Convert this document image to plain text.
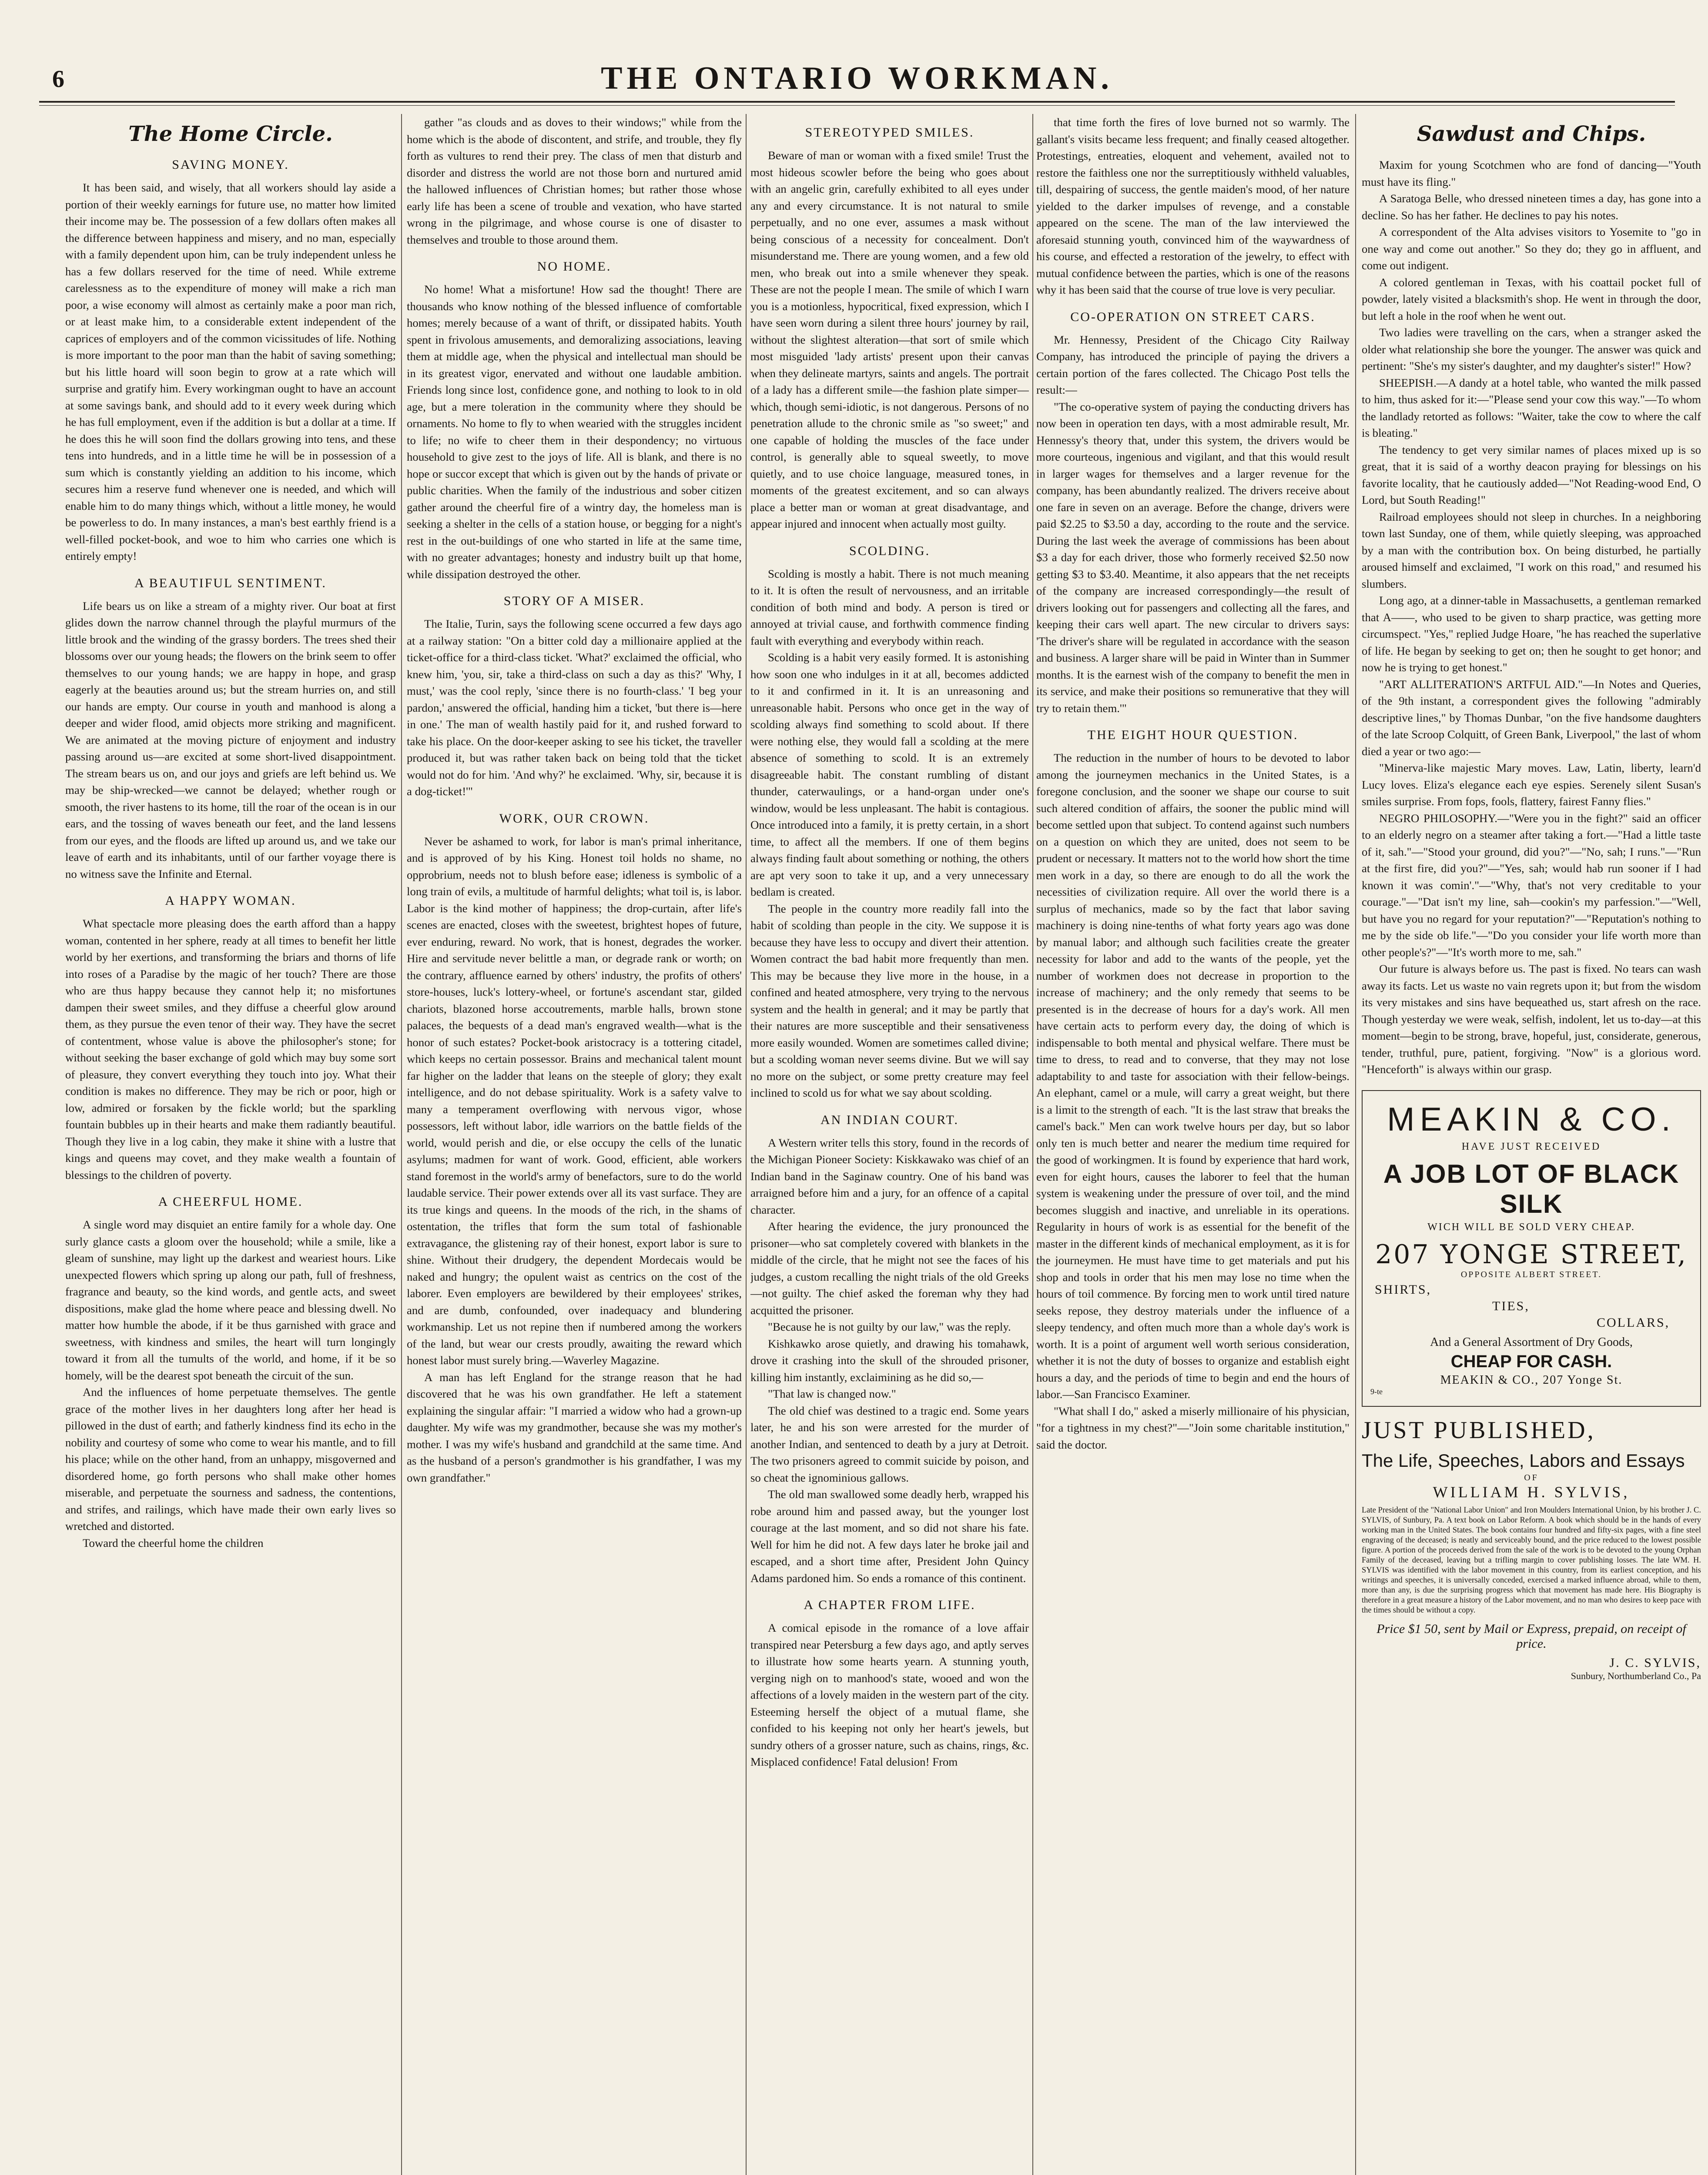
6	THE ONTARIO WORKMAN.
The Home Circle.
SAVING MONEY.

It has been said, and wisely, that all workers should lay aside a portion of their weekly earnings for future use, no matter how limited their income may be. The possession of a few dollars often makes all the difference between happiness and misery, and no man, especially with a family dependent upon him, can be truly independent unless he has a few dollars reserved for the time of need. While extreme carelessness as to the expenditure of money will make a rich man poor, a wise economy will almost as certainly make a poor man rich, or at least make him, to a considerable extent independent of the caprices of employers and of the common vicissitudes of life. Nothing is more important to the poor man than the habit of saving something; but his little hoard will soon begin to grow at a rate which will surprise and gratify him. Every workingman ought to have an account at some savings bank, and should add to it every week during which he has full employment, even if the addition is but a dollar at a time. If he does this he will soon find the dollars growing into tens, and these tens into hundreds, and in a little time he will be in possession of a sum which is constantly yielding an addition to his income, which secures him a reserve fund whenever one is needed, and which will enable him to do many things which, without a little money, he would be powerless to do. In many instances, a man's best earthly friend is a well-filled pocket-book, and woe to him who carries one which is entirely empty!

A BEAUTIFUL SENTIMENT.

Life bears us on like a stream of a mighty river. Our boat at first glides down the narrow channel through the playful murmurs of the little brook and the winding of the grassy borders. The trees shed their blossoms over our young heads; the flowers on the brink seem to offer themselves to our young hands; we are happy in hope, and grasp eagerly at the beauties around us; but the stream hurries on, and still our hands are empty. Our course in youth and manhood is along a deeper and wider flood, amid objects more striking and magnificent. We are animated at the moving picture of enjoyment and industry passing around us—are excited at some short-lived disappointment. The stream bears us on, and our joys and griefs are left behind us. We may be ship-wrecked—we cannot be delayed; whether rough or smooth, the river hastens to its home, till the roar of the ocean is in our ears, and the tossing of waves beneath our feet, and the land lessens from our eyes, and the floods are lifted up around us, and we take our leave of earth and its inhabitants, until of our farther voyage there is no witness save the Infinite and Eternal.

A HAPPY WOMAN.

What spectacle more pleasing does the earth afford than a happy woman, contented in her sphere, ready at all times to benefit her little world by her exertions, and transforming the briars and thorns of life into roses of a Paradise by the magic of her touch? There are those who are thus happy because they cannot help it; no misfortunes dampen their sweet smiles, and they diffuse a cheerful glow around them, as they pursue the even tenor of their way. They have the secret of contentment, whose value is above the philosopher's stone; for without seeking the baser exchange of gold which may buy some sort of pleasure, they convert everything they touch into joy. What their condition is makes no difference. They may be rich or poor, high or low, admired or forsaken by the fickle world; but the sparkling fountain bubbles up in their hearts and make them radiantly beautiful. Though they live in a log cabin, they make it shine with a lustre that kings and queens may covet, and they make wealth a fountain of blessings to the children of poverty.

A CHEERFUL HOME.

A single word may disquiet an entire family for a whole day. One surly glance casts a gloom over the household; while a smile, like a gleam of sunshine, may light up the darkest and weariest hours. Like unexpected flowers which spring up along our path, full of freshness, fragrance and beauty, so the kind words, and gentle acts, and sweet dispositions, make glad the home where peace and blessing dwell. No matter how humble the abode, if it be thus garnished with grace and sweetness, with kindness and smiles, the heart will turn longingly toward it from all the tumults of the world, and home, if it be so homely, will be the dearest spot beneath the circuit of the sun.

And the influences of home perpetuate themselves. The gentle grace of the mother lives in her daughters long after her head is pillowed in the dust of earth; and fatherly kindness find its echo in the nobility and courtesy of some who come to wear his mantle, and to fill his place; while on the other hand, from an unhappy, misgoverned and disordered home, go forth persons who shall make other homes miserable, and perpetuate the sourness and sadness, the contentions, and strifes, and railings, which have made their own early lives so wretched and distorted.

Toward the cheerful home the children

gather "as clouds and as doves to their windows;" while from the home which is the abode of discontent, and strife, and trouble, they fly forth as vultures to rend their prey. The class of men that disturb and disorder and distress the world are not those born and nurtured amid the hallowed influences of Christian homes; but rather those whose early life has been a scene of trouble and vexation, who have started wrong in the pilgrimage, and whose course is one of disaster to themselves and trouble to those around them.

NO HOME.

No home! What a misfortune! How sad the thought! There are thousands who know nothing of the blessed influence of comfortable homes; merely because of a want of thrift, or dissipated habits. Youth spent in frivolous amusements, and demoralizing associations, leaving them at middle age, when the physical and intellectual man should be in its greatest vigor, enervated and without one laudable ambition. Friends long since lost, confidence gone, and nothing to look to in old age, but a mere toleration in the community where they should be ornaments. No home to fly to when wearied with the struggles incident to life; no wife to cheer them in their despondency; no virtuous household to give zest to the joys of life. All is blank, and there is no hope or succor except that which is given out by the hands of private or public charities. When the family of the industrious and sober citizen gather around the cheerful fire of a wintry day, the homeless man is seeking a shelter in the cells of a station house, or begging for a night's rest in the out-buildings of one who started in life at the same time, with no greater advantages; honesty and industry built up that home, while dissipation destroyed the other.

STORY OF A MISER.

The Italie, Turin, says the following scene occurred a few days ago at a railway station: "On a bitter cold day a millionaire applied at the ticket-office for a third-class ticket. 'What?' exclaimed the official, who knew him, 'you, sir, take a third-class on such a day as this?' 'Why, I must,' was the cool reply, 'since there is no fourth-class.' 'I beg your pardon,' answered the official, handing him a ticket, 'but there is—here in one.' The man of wealth hastily paid for it, and rushed forward to take his place. On the door-keeper asking to see his ticket, the traveller produced it, but was rather taken back on being told that the ticket would not do for him. 'And why?' he exclaimed. 'Why, sir, because it is a dog-ticket!'"

WORK, OUR CROWN.

Never be ashamed to work, for labor is man's primal inheritance, and is approved of by his King. Honest toil holds no shame, no opprobrium, needs not to blush before ease; idleness is symbolic of a long train of evils, a multitude of harmful delights; what toil is, is labor. Labor is the kind mother of happiness; the drop-curtain, after life's scenes are enacted, closes with the sweetest, brightest hopes of future, ever enduring, reward. No work, that is honest, degrades the worker. Hire and servitude never belittle a man, or degrade rank or worth; on the contrary, affluence earned by others' industry, the profits of others' store-houses, luck's lottery-wheel, or fortune's ascendant star, gilded chariots, blazoned horse accoutrements, marble halls, brown stone palaces, the bequests of a dead man's engraved wealth—what is the honor of such estates? Pocket-book aristocracy is a tottering citadel, which keeps no certain possessor. Brains and mechanical talent mount far higher on the ladder that leans on the steeple of glory; they exalt intelligence, and do not debase spirituality. Work is a safety valve to many a temperament overflowing with nervous vigor, whose possessors, left without labor, idle warriors on the battle fields of the world, would perish and die, or else occupy the cells of the lunatic asylums; madmen for want of work. Good, efficient, able workers stand foremost in the world's army of benefactors, sure to do the world laudable service. Their power extends over all its vast surface. They are its true kings and queens. In the moods of the rich, in the shams of ostentation, the trifles that form the sum total of fashionable extravagance, the glistening ray of their honest, export labor is sure to shine. Without their drudgery, the dependent Mordecais would be naked and hungry; the opulent waist as centrics on the cost of the laborer. Even employers are bewildered by their employees' strikes, and are dumb, confounded, over inadequacy and blundering workmanship. Let us not repine then if numbered among the workers of the land, but wear our crests proudly, awaiting the reward which honest labor must surely bring.—Waverley Magazine.

A man has left England for the strange reason that he had discovered that he was his own grandfather. He left a statement explaining the singular affair: "I married a widow who had a grown-up daughter. My wife was my grandmother, because she was my mother's mother. I was my wife's husband and grandchild at the same time. And as the husband of a person's grandmother is his grandfather, I was my own grandfather."

STEREOTYPED SMILES.

Beware of man or woman with a fixed smile! Trust the most hideous scowler before the being who goes about with an angelic grin, carefully exhibited to all eyes under any and every circumstance. It is not natural to smile perpetually, and no one ever, assumes a mask without being conscious of a necessity for concealment. Don't misunderstand me. There are young women, and a few old men, who break out into a smile whenever they speak. These are not the people I mean. The smile of which I warn you is a motionless, hypocritical, fixed expression, which I have seen worn during a silent three hours' journey by rail, without the slightest alteration—that sort of smile which most misguided 'lady artists' present upon their canvas when they delineate martyrs, saints and angels. The portrait of a lady has a different smile—the fashion plate simper—which, though semi-idiotic, is not dangerous. Persons of no penetration allude to the chronic smile as "so sweet;" and one capable of holding the muscles of the face under control, is generally able to squeal sweetly, to move quietly, and to use choice language, measured tones, in moments of the greatest excitement, and so can always place a better man or woman at great disadvantage, and appear injured and innocent when actually most guilty.

SCOLDING.

Scolding is mostly a habit. There is not much meaning to it. It is often the result of nervousness, and an irritable condition of both mind and body. A person is tired or annoyed at trivial cause, and forthwith commence finding fault with everything and everybody within reach.

Scolding is a habit very easily formed. It is astonishing how soon one who indulges in it at all, becomes addicted to it and confirmed in it. It is an unreasoning and unreasonable habit. Persons who once get in the way of scolding always find something to scold about. If there were nothing else, they would fall a scolding at the mere absence of something to scold. It is an extremely disagreeable habit. The constant rumbling of distant thunder, caterwaulings, or a hand-organ under one's window, would be less unpleasant. The habit is contagious. Once introduced into a family, it is pretty certain, in a short time, to affect all the members. If one of them begins always finding fault about something or nothing, the others are apt very soon to take it up, and a very unnecessary bedlam is created.

The people in the country more readily fall into the habit of scolding than people in the city. We suppose it is because they have less to occupy and divert their attention. Women contract the bad habit more frequently than men. This may be because they live more in the house, in a confined and heated atmosphere, very trying to the nervous system and the health in general; and it may be partly that their natures are more susceptible and their sensativeness more easily wounded. Women are sometimes called divine; but a scolding woman never seems divine. But we will say no more on the subject, or some pretty creature may feel inclined to scold us for what we say about scolding.

AN INDIAN COURT.

A Western writer tells this story, found in the records of the Michigan Pioneer Society: Kiskkawako was chief of an Indian band in the Saginaw country. One of his band was arraigned before him and a jury, for an offence of a capital character.

After hearing the evidence, the jury pronounced the prisoner—who sat completely covered with blankets in the middle of the circle, that he might not see the faces of his judges, a custom recalling the night trials of the old Greeks—not guilty. The chief asked the foreman why they had acquitted the prisoner.

"Because he is not guilty by our law," was the reply.

Kishkawko arose quietly, and drawing his tomahawk, drove it crashing into the skull of the shrouded prisoner, killing him instantly, exclaimining as he did so,—

"That law is changed now."

The old chief was destined to a tragic end. Some years later, he and his son were arrested for the murder of another Indian, and sentenced to death by a jury at Detroit. The two prisoners agreed to commit suicide by poison, and so cheat the ignominious gallows.

The old man swallowed some deadly herb, wrapped his robe around him and passed away, but the younger lost courage at the last moment, and so did not share his fate. Well for him he did not. A few days later he broke jail and escaped, and a short time after, President John Quincy Adams pardoned him. So ends a romance of this continent.

A CHAPTER FROM LIFE.

A comical episode in the romance of a love affair transpired near Petersburg a few days ago, and aptly serves to illustrate how some hearts yearn. A stunning youth, verging nigh on to manhood's state, wooed and won the affections of a lovely maiden in the western part of the city. Esteeming herself the object of a mutual flame, she confided to his keeping not only her heart's jewels, but sundry others of a grosser nature, such as chains, rings, &c. Misplaced confidence! Fatal delusion! From

that time forth the fires of love burned not so warmly. The gallant's visits became less frequent; and finally ceased altogether. Protestings, entreaties, eloquent and vehement, availed not to restore the faithless one nor the surreptitiously withheld valuables, till, despairing of success, the gentle maiden's mood, of her nature yielded to the darker impulses of revenge, and a constable appeared on the scene. The man of the law interviewed the aforesaid stunning youth, convinced him of the waywardness of his course, and effected a restoration of the jewelry, to effect with mutual confidence between the parties, which is one of the reasons why it has been said that the course of true love is very peculiar.

CO-OPERATION ON STREET CARS.

Mr. Hennessy, President of the Chicago City Railway Company, has introduced the principle of paying the drivers a certain portion of the fares collected. The Chicago Post tells the result:—

"The co-operative system of paying the conducting drivers has now been in operation ten days, with a most admirable result, Mr. Hennessy's theory that, under this system, the drivers would be more courteous, ingenious and vigilant, and that this would result in larger wages for themselves and a larger revenue for the company, has been abundantly realized. The drivers receive about one fare in seven on an average. Before the change, drivers were paid $2.25 to $3.50 a day, according to the route and the service. During the last week the average of commissions has been about $3 a day for each driver, those who formerly received $2.50 now getting $3 to $3.40. Meantime, it also appears that the net receipts of the company are increased correspondingly—the result of drivers looking out for passengers and collecting all the fares, and keeping their cars well apart. The new circular to drivers says: 'The driver's share will be regulated in accordance with the season and business. A larger share will be paid in Winter than in Summer months. It is the earnest wish of the company to benefit the men in its service, and make their positions so remunerative that they will try to retain them.'"

THE EIGHT HOUR QUESTION.

The reduction in the number of hours to be devoted to labor among the journeymen mechanics in the United States, is a foregone conclusion, and the sooner we shape our course to suit such altered condition of affairs, the sooner the public mind will become settled upon that subject. To contend against such numbers on a question on which they are united, does not seem to be prudent or necessary. It matters not to the world how short the time men work in a day, so there are enough to do all the work the necessities of civilization require. All over the world there is a surplus of mechanics, made so by the fact that labor saving machinery is doing nine-tenths of what forty years ago was done by manual labor; and although such facilities create the greater necessity for labor and add to the wants of the people, yet the number of workmen does not decrease in proportion to the increase of machinery; and the only remedy that seems to be presented is in the decrease of hours for a day's work. All men have certain acts to perform every day, the doing of which is indispensable to both mental and physical welfare. There must be time to dress, to read and to converse, that they may not lose adaptability to and taste for association with their fellow-beings. An elephant, camel or a mule, will carry a great weight, but there is a limit to the strength of each. "It is the last straw that breaks the camel's back." Men can work twelve hours per day, but so labor only ten is much better and nearer the medium time required for the good of workingmen. It is found by experience that hard work, even for eight hours, causes the laborer to feel that the human system is weakening under the pressure of over toil, and the mind becomes sluggish and inactive, and unreliable in its operations. Regularity in hours of work is as essential for the benefit of the master in the different kinds of mechanical employment, as it is for the journeymen. He must have time to get materials and put his shop and tools in order that his men may lose no time when the hours of toil commence. By forcing men to work until tired nature seeks repose, they destroy materials under the influence of a sleepy tendency, and often much more than a whole day's work is worth. It is a point of argument well worth serious consideration, whether it is not the duty of bosses to organize and establish eight hours a day, and the periods of time to begin and end the hours of labor.—San Francisco Examiner.

"What shall I do," asked a miserly millionaire of his physician, "for a tightness in my chest?"—"Join some charitable institution," said the doctor.

Sawdust and Chips.

Maxim for young Scotchmen who are fond of dancing—"Youth must have its fling."

A Saratoga Belle, who dressed nineteen times a day, has gone into a decline. So has her father. He declines to pay his notes.

A correspondent of the Alta advises visitors to Yosemite to "go in one way and come out another." So they do; they go in affluent, and come out indigent.

A colored gentleman in Texas, with his coattail pocket full of powder, lately visited a blacksmith's shop. He went in through the door, but left a hole in the roof when he went out.

Two ladies were travelling on the cars, when a stranger asked the older what relationship she bore the younger. The answer was quick and pertinent: "She's my sister's daughter, and my daughter's sister!" How?

SHEEPISH.—A dandy at a hotel table, who wanted the milk passed to him, thus asked for it:—"Please send your cow this way."—To whom the landlady retorted as follows: "Waiter, take the cow to where the calf is bleating."

The tendency to get very similar names of places mixed up is so great, that it is said of a worthy deacon praying for blessings on his favorite locality, that he cautiously added—"Not Reading-wood End, O Lord, but South Reading!"

Railroad employees should not sleep in churches. In a neighboring town last Sunday, one of them, while quietly sleeping, was approached by a man with the contribution box. On being disturbed, he partially aroused himself and exclaimed, "I work on this road," and resumed his slumbers.

Long ago, at a dinner-table in Massachusetts, a gentleman remarked that A——, who used to be given to sharp practice, was getting more circumspect. "Yes," replied Judge Hoare, "he has reached the superlative of life. He began by seeking to get on; then he sought to get honor; and now he is trying to get honest."

"ART ALLITERATION'S ARTFUL AID."—In Notes and Queries, of the 9th instant, a correspondent gives the following "admirably descriptive lines," by Thomas Dunbar, "on the five handsome daughters of the late Scroop Colquitt, of Green Bank, Liverpool," the last of whom died a year or two ago:—

"Minerva-like majestic Mary moves. Law, Latin, liberty, learn'd Lucy loves. Eliza's elegance each eye espies. Serenely silent Susan's smiles surprise. From fops, fools, flattery, fairest Fanny flies."

NEGRO PHILOSOPHY.—"Were you in the fight?" said an officer to an elderly negro on a steamer after taking a fort.—"Had a little taste of it, sah."—"Stood your ground, did you?"—"No, sah; I runs."—"Run at the first fire, did you?"—"Yes, sah; would hab run sooner if I had known it was comin'."—"Why, that's not very creditable to your courage."—"Dat isn't my line, sah—cookin's my parfession."—"Well, but have you no regard for your reputation?"—"Reputation's nothing to me by the side ob life."—"Do you consider your life worth more than other people's?"—"It's worth more to me, sah."

Our future is always before us. The past is fixed. No tears can wash away its facts. Let us waste no vain regrets upon it; but from the wisdom its very mistakes and sins have bequeathed us, start afresh on the race. Though yesterday we were weak, selfish, indolent, let us to-day—at this moment—begin to be strong, brave, hopeful, just, considerate, generous, tender, truthful, pure, patient, forgiving. "Now" is a glorious word. "Henceforth" is always within our grasp.

MEAKIN & CO.
HAVE JUST RECEIVED
A JOB LOT OF BLACK SILK
WICH WILL BE SOLD VERY CHEAP.
207 YONGE STREET,
OPPOSITE ALBERT STREET.
SHIRTS,
TIES,
COLLARS,
And a General Assortment of Dry Goods,
CHEAP FOR CASH.
MEAKIN & CO., 207 Yonge St.
9-te
JUST PUBLISHED,
The Life, Speeches, Labors and Essays
OF
WILLIAM H. SYLVIS,
Late President of the "National Labor Union" and Iron Moulders International Union, by his brother J. C. SYLVIS, of Sunbury, Pa. A text book on Labor Reform. A book which should be in the hands of every working man in the United States. The book contains four hundred and fifty-six pages, with a fine steel engraving of the deceased; is neatly and serviceably bound, and the price reduced to the lowest possible figure. A portion of the proceeds derived from the sale of the work is to be devoted to the young Orphan Family of the deceased, leaving but a trifling margin to cover publishing losses. The late WM. H. SYLVIS was identified with the labor movement in this country, from its earliest conception, and his writings and speeches, it is universally conceded, exercised a marked influence abroad, while to them, more than any, is due the surprising progress which that movement has made here. His Biography is therefore in a great measure a history of the Labor movement, and no man who desires to keep pace with the times should be without a copy.
Price $1 50, sent by Mail or Express, prepaid, on receipt of price.
J. C. SYLVIS,
Sunbury, Northumberland Co., Pa
